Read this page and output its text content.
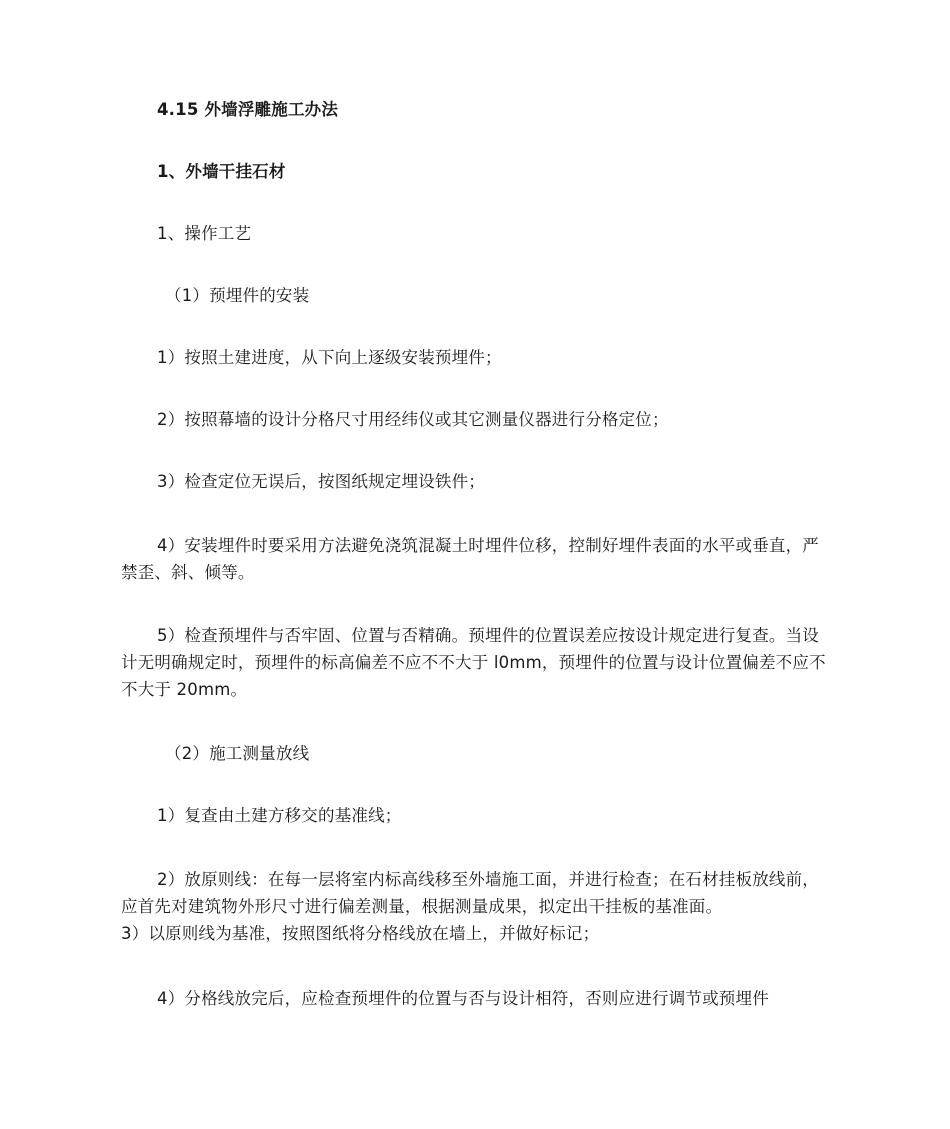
4.15 外墙浮雕施工办法
1、外墙干挂石材
1、操作工艺
（1）预埋件的安装
1）按照土建进度，从下向上逐级安装预埋件；
2）按照幕墙的设计分格尺寸用经纬仪或其它测量仪器进行分格定位；
3）检查定位无误后，按图纸规定埋设铁件；
4）安装埋件时要采用方法避免浇筑混凝土时埋件位移，控制好埋件表面的水平或垂直，严禁歪、斜、倾等。
5）检查预埋件与否牢固、位置与否精确。预埋件的位置误差应按设计规定进行复查。当设计无明确规定时，预埋件的标高偏差不应不不大于 l0mm，预埋件的位置与设计位置偏差不应不不大于 20mm。
（2）施工测量放线
1）复查由土建方移交的基准线；
2）放原则线：在每一层将室内标高线移至外墙施工面，并进行检查；在石材挂板放线前，应首先对建筑物外形尺寸进行偏差测量，根据测量成果，拟定出干挂板的基准面。
3）以原则线为基准，按照图纸将分格线放在墙上，并做好标记；
4）分格线放完后，应检查预埋件的位置与否与设计相符，否则应进行调节或预埋件
